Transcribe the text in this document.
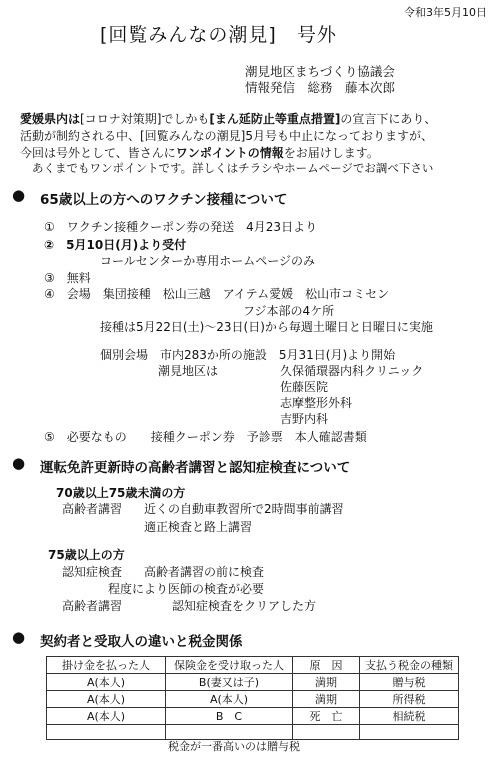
令和3年5月10日
[回覧みんなの潮見]　号外
潮見地区まちづくり協議会
情報発信　総務　藤本次郎
愛媛県内は[コロナ対策期]でしかも[まん延防止等重点措置]の宣言下にあり、
活動が制約される中、[回覧みんなの潮見]5月号も中止になっておりますが、
今回は号外として、皆さんにワンポイントの情報をお届けします。
あくまでもワンポイントです。詳しくはチラシやホームページでお調べ下さい
● 65歳以上の方へのワクチン接種について
①　ワクチン接種クーポン券の発送　4月23日より
②　5月10日(月)より受付
コールセンターか専用ホームページのみ
③　無料
④　会場　集団接種　松山三越　アイテム愛媛　松山市コミセン
フジ本部の4ケ所
接種は5月22日(土)〜23日(日)から毎週土曜日と日曜日に実施
個別会場　市内283か所の施設　5月31日(月)より開始
潮見地区は	久保循環器内科クリニック
佐藤医院
志摩整形外科
吉野内科
⑤　必要なもの　　接種クーポン券　予診票　本人確認書類
● 運転免許更新時の高齢者講習と認知症検査について
70歳以上75歳未満の方
高齢者講習 近くの自動車教習所で2時間事前講習
適正検査と路上講習
75歳以上の方
認知症検査 高齢者講習の前に検査
程度により医師の検査が必要
高齢者講習	認知症検査をクリアした方
● 契約者と受取人の違いと税金関係
掛け金を払った人	保険金を受け取った人	原　因	支払う税金の種類
A(本人)	B(妻又は子)	満期	贈与税
A(本人)	A(本人)	満期	所得税
A(本人)	B　C	死　亡	相続税

税金が一番高いのは贈与税
